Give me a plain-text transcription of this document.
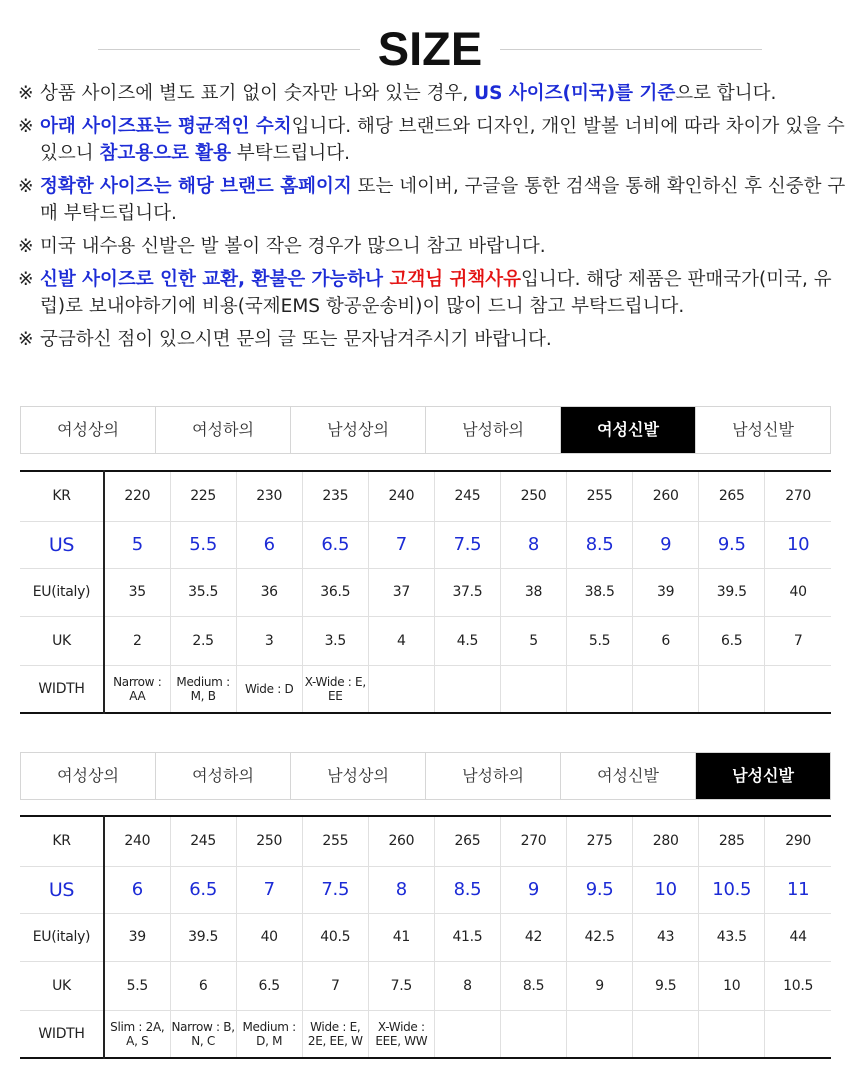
SIZE
※ 상품 사이즈에 별도 표기 없이 숫자만 나와 있는 경우, US 사이즈(미국)를 기준으로 합니다.
※ 아래 사이즈표는 평균적인 수치입니다. 해당 브랜드와 디자인, 개인 발볼 너비에 따라 차이가 있을 수 있으니 참고용으로 활용 부탁드립니다.
※ 정확한 사이즈는 해당 브랜드 홈페이지 또는 네이버, 구글을 통한 검색을 통해 확인하신 후 신중한 구매 부탁드립니다.
※ 미국 내수용 신발은 발 볼이 작은 경우가 많으니 참고 바랍니다.
※ 신발 사이즈로 인한 교환, 환불은 가능하나 고객님 귀책사유입니다. 해당 제품은 판매국가(미국, 유럽)로 보내야하기에 비용(국제EMS 항공운송비)이 많이 드니 참고 부탁드립니다.
※ 궁금하신 점이 있으시면 문의 글 또는 문자남겨주시기 바랍니다.
여성상의	여성하의	남성상의	남성하의	여성신발	남성신발
KR	220	225	230	235	240	245	250	255	260	265	270
US	5	5.5	6	6.5	7	7.5	8	8.5	9	9.5	10
EU(italy)	35	35.5	36	36.5	37	37.5	38	38.5	39	39.5	40
UK	2	2.5	3	3.5	4	4.5	5	5.5	6	6.5	7
WIDTH	Narrow : AA	Medium : M, B	Wide : D	X-Wide : E, EE							
여성상의	여성하의	남성상의	남성하의	여성신발	남성신발
KR	240	245	250	255	260	265	270	275	280	285	290
US	6	6.5	7	7.5	8	8.5	9	9.5	10	10.5	11
EU(italy)	39	39.5	40	40.5	41	41.5	42	42.5	43	43.5	44
UK	5.5	6	6.5	7	7.5	8	8.5	9	9.5	10	10.5
WIDTH	Slim : 2A, A, S	Narrow : B, N, C	Medium : D, M	Wide : E, 2E, EE, W	X-Wide : EEE, WW						
